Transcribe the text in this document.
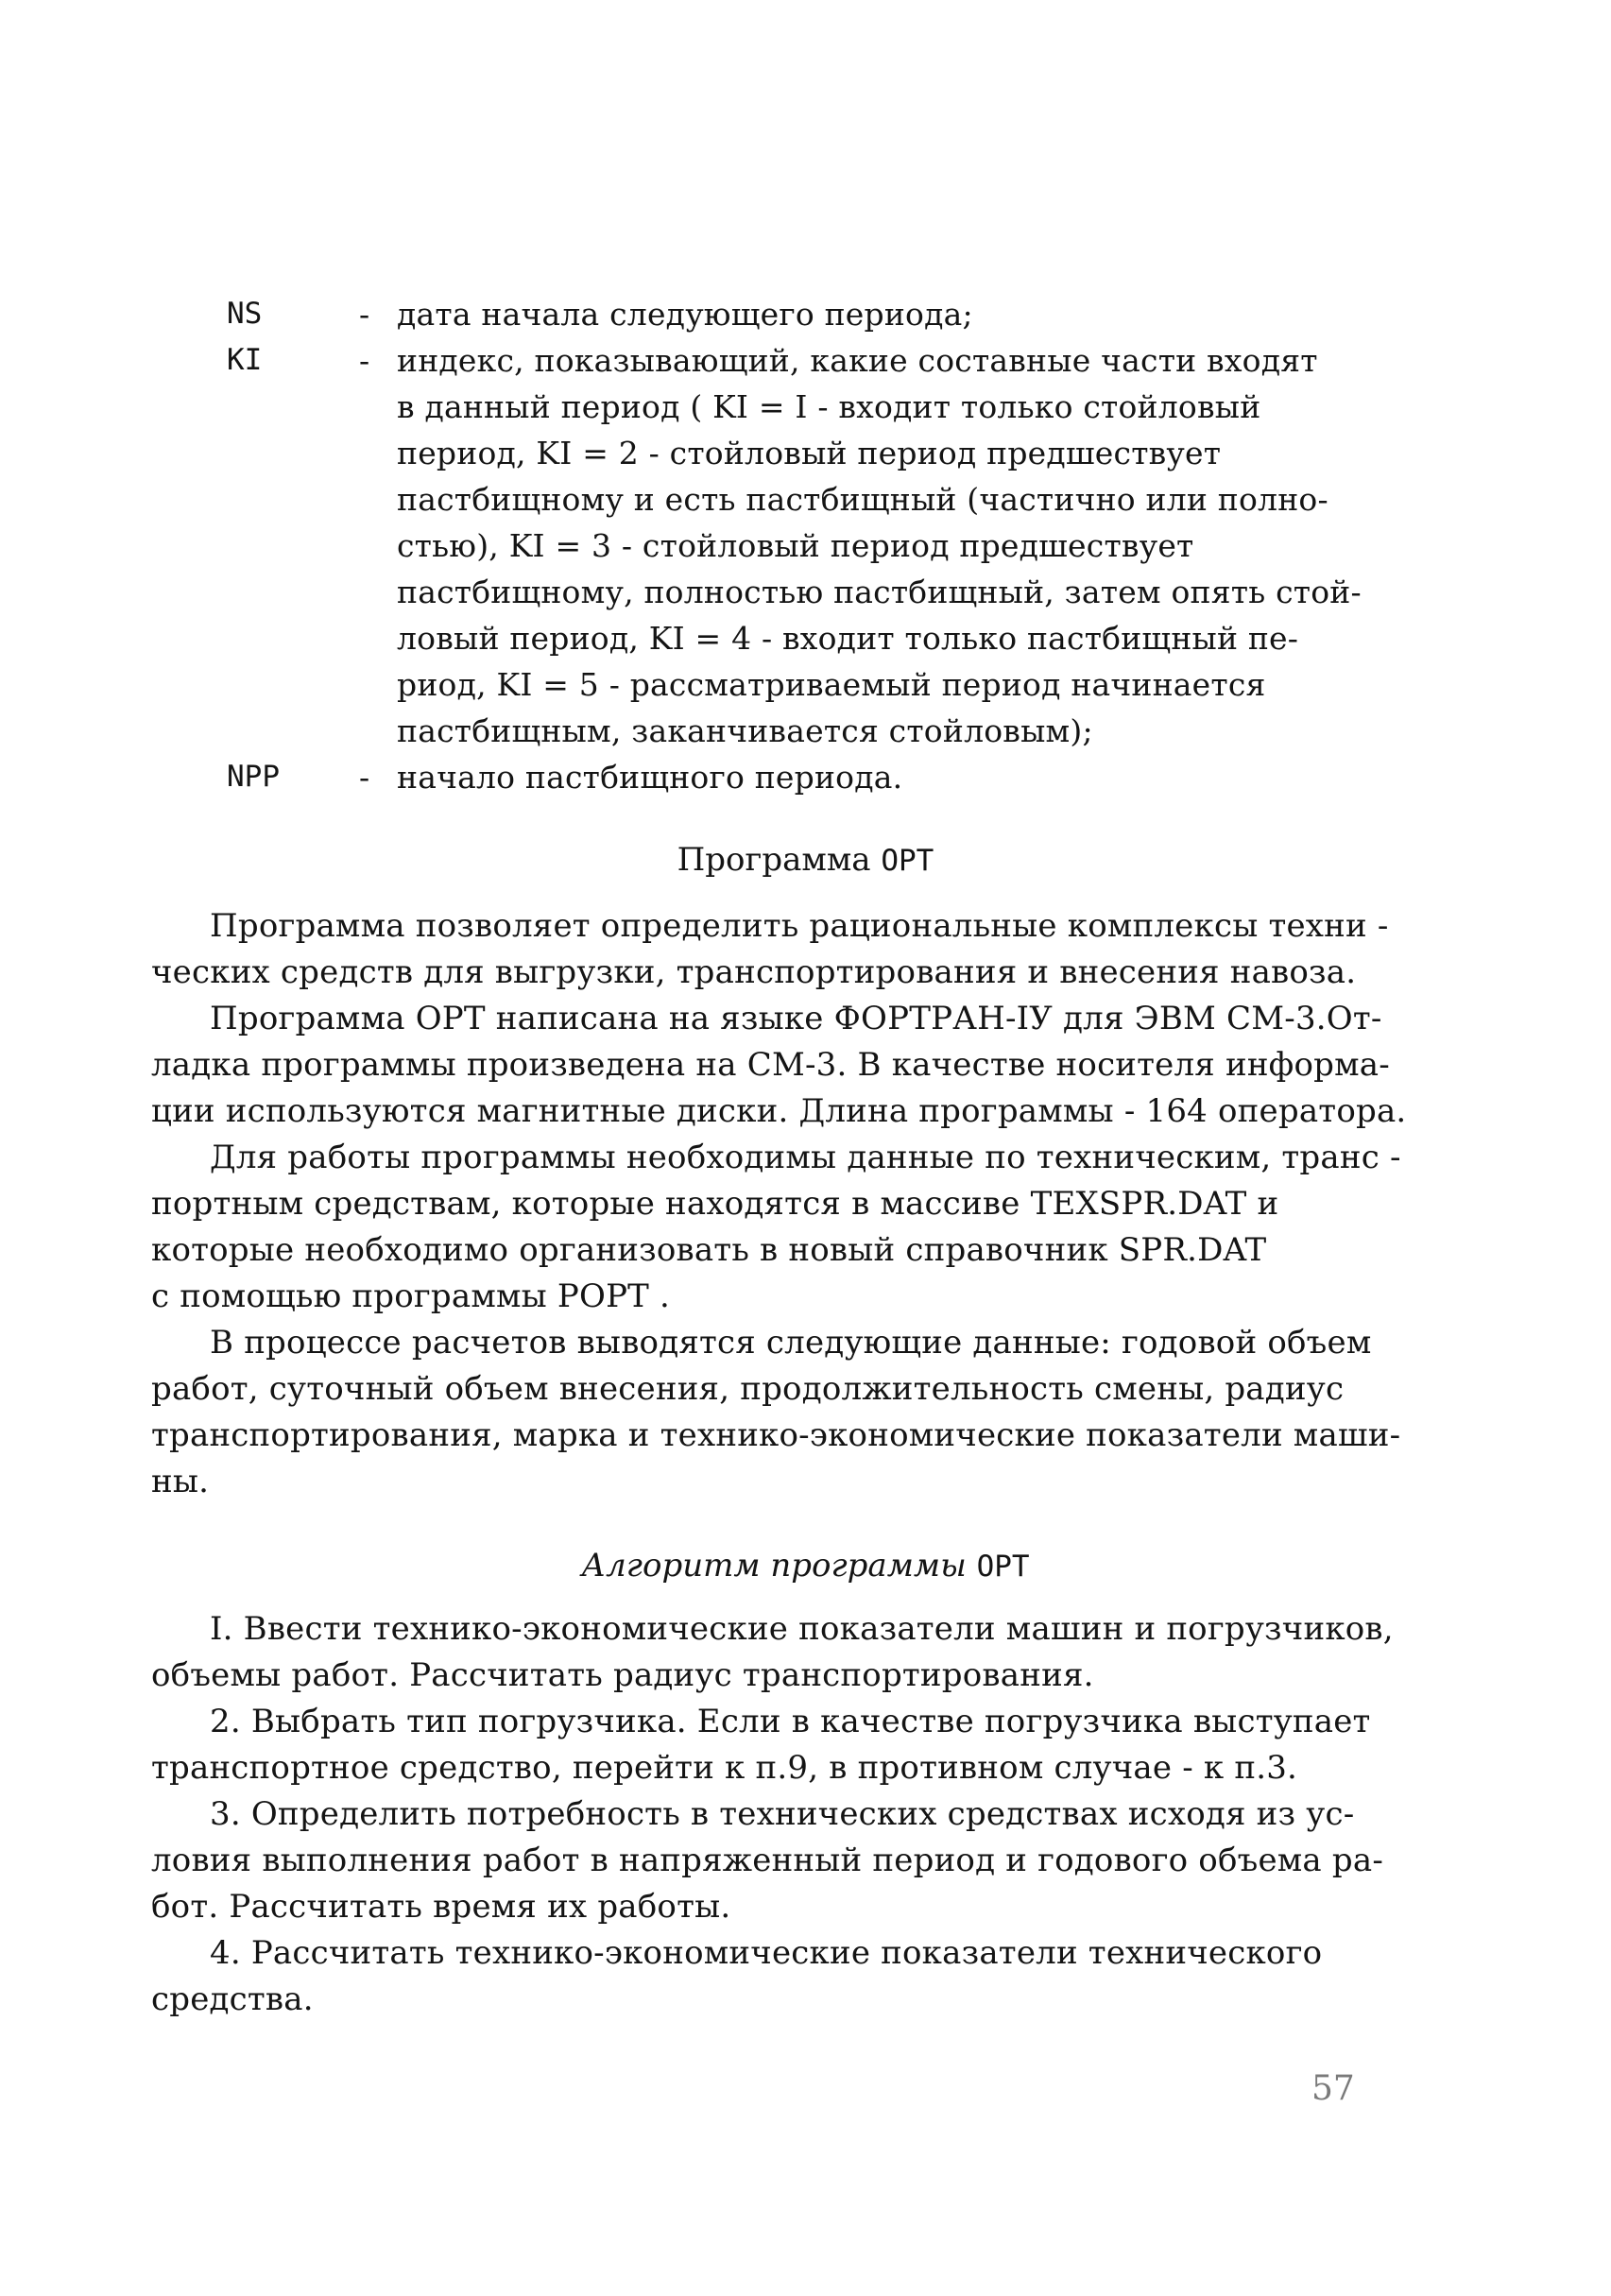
NS	- дата начала следующего периода;
KI	- индекс, показывающий, какие составные части входят
в данный период ( KI = I - входит только стойловый
период, KI = 2 - стойловый период предшествует
пастбищному и есть пастбищный (частично или полно-
стью), KI = 3 - стойловый период предшествует
пастбищному, полностью пастбищный, затем опять стой-
ловый период, KI = 4 - входит только пастбищный пе-
риод, KI = 5 - рассматриваемый период начинается
пастбищным, заканчивается стойловым);
NPP	- начало пастбищного периода.
Программа OPT
Программа позволяет определить рациональные комплексы техни -
ческих средств для выгрузки, транспортирования и внесения навоза.
Программа OPT написана на языке ФОРТРАН-IУ для ЭВМ СМ-3.От-
ладка программы произведена на СМ-3. В качестве носителя информа-
ции используются магнитные диски. Длина программы - 164 оператора.
Для работы программы необходимы данные по техническим, транс -
портным средствам, которые находятся в массиве TEXSPR.DAT и
которые необходимо организовать в новый справочник SPR.DAT
с помощью программы POPT .
В процессе расчетов выводятся следующие данные: годовой объем
работ, суточный объем внесения, продолжительность смены, радиус
транспортирования, марка и технико-экономические показатели маши-
ны.
Алгоритм программы OPT
I. Ввести технико-экономические показатели машин и погрузчиков,
объемы работ. Рассчитать радиус транспортирования.
2. Выбрать тип погрузчика. Если в качестве погрузчика выступает
транспортное средство, перейти к п.9, в противном случае - к п.3.
3. Определить потребность в технических средствах исходя из ус-
ловия выполнения работ в напряженный период и годового объема ра-
бот. Рассчитать время их работы.
4. Рассчитать технико-экономические показатели технического
средства.
57
